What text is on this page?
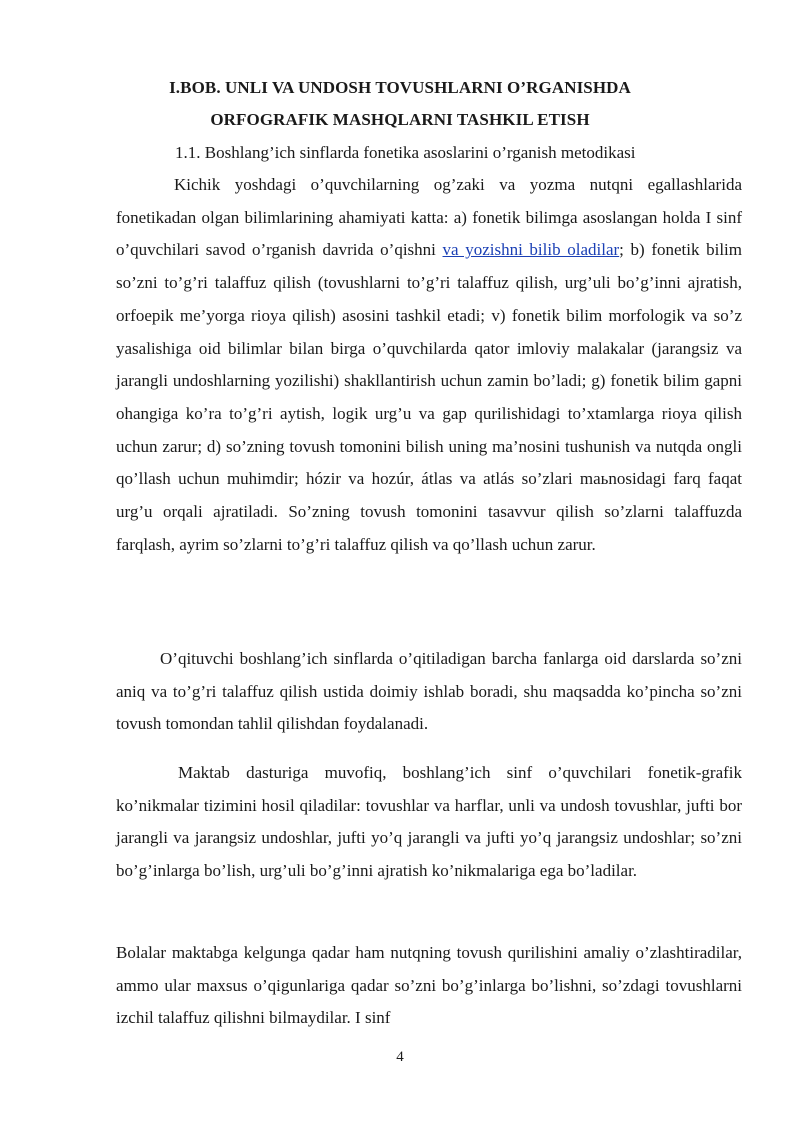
I.BOB. UNLI VA UNDOSH TOVUSHLARNI O’RGANISHDA
ORFOGRAFIK MASHQLARNI TASHKIL ETISH
1.1. Boshlang’ich sinflarda fonetika asoslarini o’rganish metodikasi
Kichik yoshdagi o’quvchilarning og’zaki va yozma nutqni egallashlarida fonetikadan olgan bilimlarining ahamiyati katta: a) fonetik bilimga asoslangan holda I sinf o’quvchilari savod o’rganish davrida o’qishni va yozishni bilib oladilar; b) fonetik bilim so’zni to’g’ri talaffuz qilish (tovushlarni to’g’ri talaffuz qilish, urg’uli bo’g’inni ajratish, orfoepik me’yorga rioya qilish) asosini tashkil etadi; v) fonetik bilim morfologik va so’z yasalishiga oid bilimlar bilan birga o’quvchilarda qator imloviy malakalar (jarangsiz va jarangli undoshlarning yozilishi) shakllantirish uchun zamin bo’ladi; g) fonetik bilim gapni ohangiga ko’ra to’g’ri aytish, logik urg’u va gap qurilishidagi to’xtamlarga rioya qilish uchun zarur; d) so’zning tovush tomonini bilish uning ma’nosini tushunish va nutqda ongli qo’llash uchun muhimdir; hózir va hozúr, átlas va atlás so’zlari maьnosidagi farq faqat urg’u orqali ajratiladi. So’zning tovush tomonini tasavvur qilish so’zlarni talaffuzda farqlash, ayrim so’zlarni to’g’ri talaffuz qilish va qo’llash uchun zarur.
O’qituvchi boshlang’ich sinflarda o’qitiladigan barcha fanlarga oid darslarda so’zni aniq va to’g’ri talaffuz qilish ustida doimiy ishlab boradi, shu maqsadda ko’pincha so’zni tovush tomondan tahlil qilishdan foydalanadi.
Maktab dasturiga muvofiq, boshlang’ich sinf o’quvchilari fonetik-grafik ko’nikmalar tizimini hosil qiladilar: tovushlar va harflar, unli va undosh tovushlar, jufti bor jarangli va jarangsiz undoshlar, jufti yo’q jarangli va jufti yo’q jarangsiz undoshlar; so’zni bo’g’inlarga bo’lish, urg’uli bo’g’inni ajratish ko’nikmalariga ega bo’ladilar.
Bolalar maktabga kelgunga qadar ham nutqning tovush qurilishini amaliy o’zlashtiradilar, ammo ular maxsus o’qigunlariga qadar so’zni bo’g’inlarga bo’lishni, so’zdagi tovushlarni izchil talaffuz qilishni bilmaydilar. I sinf
4
